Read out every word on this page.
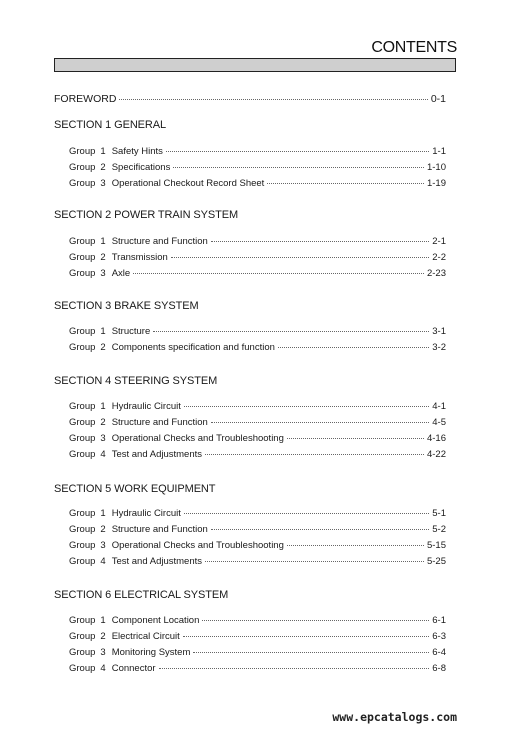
CONTENTS
FOREWORD	0-1
SECTION 1 GENERAL
Group 1 Safety Hints	1-1
Group 2 Specifications	1-10
Group 3 Operational Checkout Record Sheet	1-19
SECTION 2 POWER TRAIN SYSTEM
Group 1 Structure and Function	2-1
Group 2 Transmission	2-2
Group 3 Axle	2-23
SECTION 3 BRAKE SYSTEM
Group 1 Structure	3-1
Group 2 Components specification and function	3-2
SECTION 4 STEERING SYSTEM
Group 1 Hydraulic Circuit	4-1
Group 2 Structure and Function	4-5
Group 3 Operational Checks and Troubleshooting	4-16
Group 4 Test and Adjustments	4-22
SECTION 5 WORK EQUIPMENT
Group 1 Hydraulic Circuit	5-1
Group 2 Structure and Function	5-2
Group 3 Operational Checks and Troubleshooting	5-15
Group 4 Test and Adjustments	5-25
SECTION 6 ELECTRICAL SYSTEM
Group 1 Component Location	6-1
Group 2 Electrical Circuit	6-3
Group 3 Monitoring System	6-4
Group 4 Connector	6-8
www.epcatalogs.com
